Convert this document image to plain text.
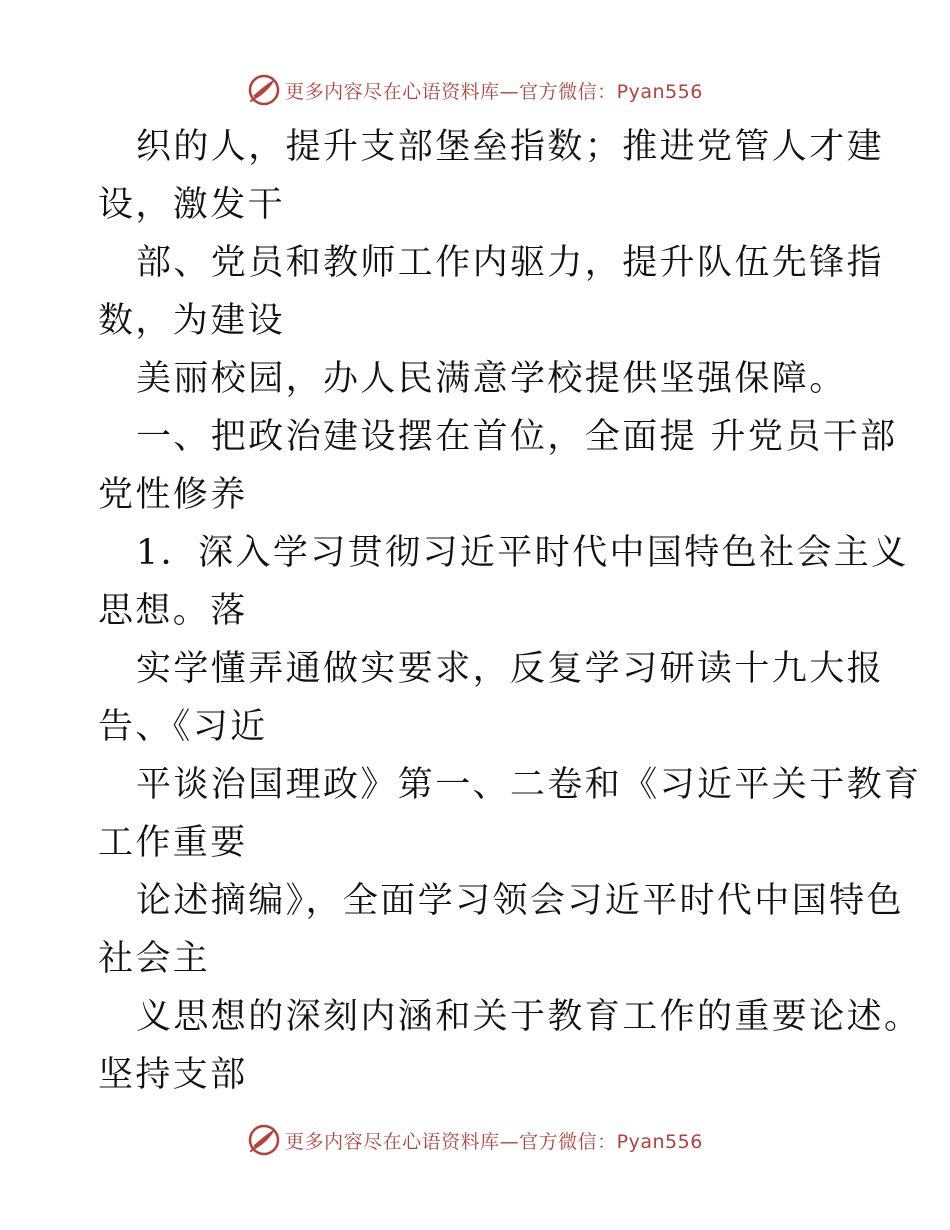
更多内容尽在心语资料库—官方微信：Pyan556
织的人，提升支部堡垒指数；推进党管人才建
设，激发干
部、党员和教师工作内驱力，提升队伍先锋指
数，为建设
美丽校园，办人民满意学校提供坚强保障。
一、把政治建设摆在首位，全面提 升党员干部
党性修养
1．深入学习贯彻习近平时代中国特色社会主义
思想。落
实学懂弄通做实要求，反复学习研读十九大报
告、《习近
平谈治国理政》第一、二卷和《习近平关于教育
工作重要
论述摘编》，全面学习领会习近平时代中国特色
社会主
义思想的深刻内涵和关于教育工作的重要论述。
坚持支部
更多内容尽在心语资料库—官方微信：Pyan556
